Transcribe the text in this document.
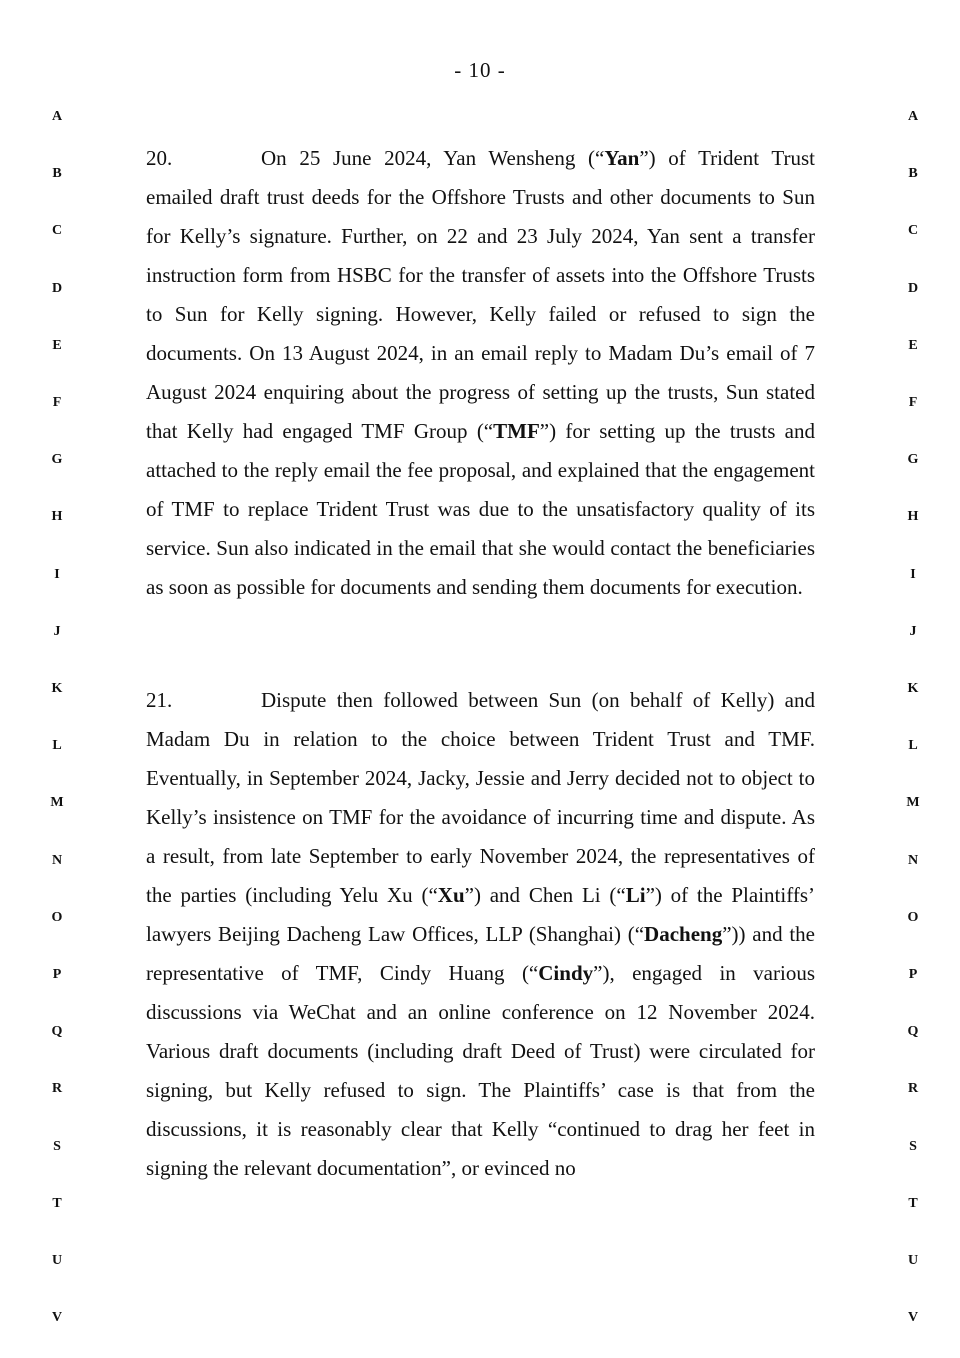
- 10 -
A
B
C
D
E
F
G
H
I
J
K
L
M
N
O
P
Q
R
S
T
U
V
A
B
C
D
E
F
G
H
I
J
K
L
M
N
O
P
Q
R
S
T
U
V
20.	On 25 June 2024, Yan Wensheng (“Yan”) of Trident Trust emailed draft trust deeds for the Offshore Trusts and other documents to Sun for Kelly’s signature. Further, on 22 and 23 July 2024, Yan sent a transfer instruction form from HSBC for the transfer of assets into the Offshore Trusts to Sun for Kelly signing. However, Kelly failed or refused to sign the documents. On 13 August 2024, in an email reply to Madam Du’s email of 7 August 2024 enquiring about the progress of setting up the trusts, Sun stated that Kelly had engaged TMF Group (“TMF”) for setting up the trusts and attached to the reply email the fee proposal, and explained that the engagement of TMF to replace Trident Trust was due to the unsatisfactory quality of its service. Sun also indicated in the email that she would contact the beneficiaries as soon as possible for documents and sending them documents for execution.
21.	Dispute then followed between Sun (on behalf of Kelly) and Madam Du in relation to the choice between Trident Trust and TMF. Eventually, in September 2024, Jacky, Jessie and Jerry decided not to object to Kelly’s insistence on TMF for the avoidance of incurring time and dispute. As a result, from late September to early November 2024, the representatives of the parties (including Yelu Xu (“Xu”) and Chen Li (“Li”) of the Plaintiffs’ lawyers Beijing Dacheng Law Offices, LLP (Shanghai) (“Dacheng”)) and the representative of TMF, Cindy Huang (“Cindy”), engaged in various discussions via WeChat and an online conference on 12 November 2024. Various draft documents (including draft Deed of Trust) were circulated for signing, but Kelly refused to sign. The Plaintiffs’ case is that from the discussions, it is reasonably clear that Kelly “continued to drag her feet in signing the relevant documentation”, or evinced no
